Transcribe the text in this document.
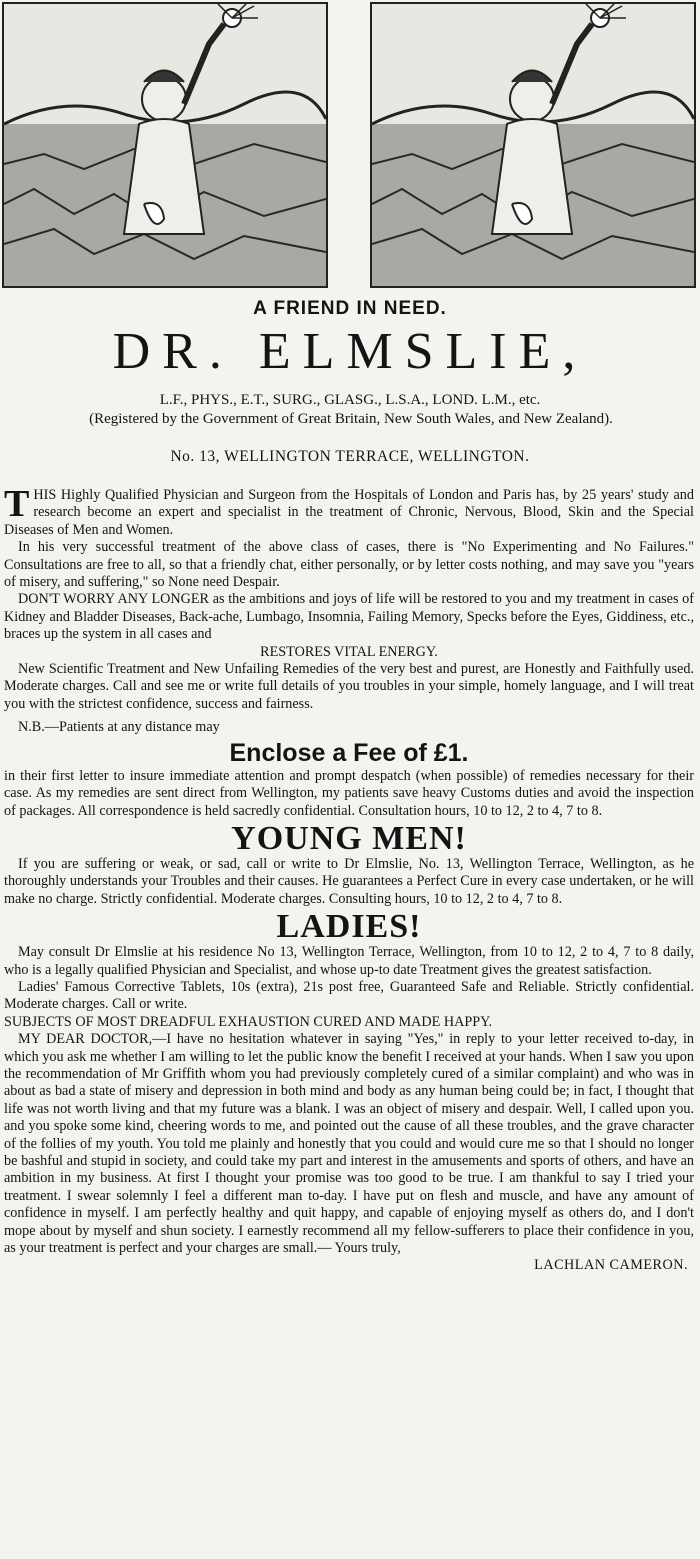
A FRIEND IN NEED.
DR. ELMSLIE,
L.F., PHYS., E.T., SURG., GLASG., L.S.A., LOND. L.M., etc.
(Registered by the Government of Great Britain, New South Wales, and New Zealand).
No. 13, WELLINGTON TERRACE, WELLINGTON.

THIS Highly Qualified Physician and Surgeon from the Hospitals of London and Paris has, by 25 years' study and research become an expert and specialist in the treatment of Chronic, Nervous, Blood, Skin and the Special Diseases of Men and Women.

In his very successful treatment of the above class of cases, there is "No Experimenting and No Failures." Consultations are free to all, so that a friendly chat, either personally, or by letter costs nothing, and may save you "years of misery, and suffering," so None need Despair.

DON'T WORRY ANY LONGER as the ambitions and joys of life will be restored to you and my treatment in cases of Kidney and Bladder Diseases, Back-ache, Lumbago, Insomnia, Failing Memory, Specks before the Eyes, Giddiness, etc., braces up the system in all cases and

RESTORES VITAL ENERGY.

New Scientific Treatment and New Unfailing Remedies of the very best and purest, are Honestly and Faithfully used. Moderate charges. Call and see me or write full details of you troubles in your simple, homely language, and I will treat you with the strictest confidence, success and fairness.

N.B.—Patients at any distance may

Enclose a Fee of £1.

in their first letter to insure immediate attention and prompt despatch (when possible) of remedies necessary for their case. As my remedies are sent direct from Wellington, my patients save heavy Customs duties and avoid the inspection of packages. All correspondence is held sacredly confidential. Consultation hours, 10 to 12, 2 to 4, 7 to 8.

YOUNG MEN!

If you are suffering or weak, or sad, call or write to Dr Elmslie, No. 13, Wellington Terrace, Wellington, as he thoroughly understands your Troubles and their causes. He guarantees a Perfect Cure in every case undertaken, or he will make no charge. Strictly confidential. Moderate charges. Consulting hours, 10 to 12, 2 to 4, 7 to 8.

LADIES!

May consult Dr Elmslie at his residence No 13, Wellington Terrace, Wellington, from 10 to 12, 2 to 4, 7 to 8 daily, who is a legally qualified Physician and Specialist, and whose up-to date Treatment gives the greatest satisfaction.

Ladies' Famous Corrective Tablets, 10s (extra), 21s post free, Guaranteed Safe and Reliable. Strictly confidential. Moderate charges. Call or write.

SUBJECTS OF MOST DREADFUL EXHAUSTION CURED AND MADE HAPPY.

MY DEAR DOCTOR,—I have no hesitation whatever in saying "Yes," in reply to your letter received to-day, in which you ask me whether I am willing to let the public know the benefit I received at your hands. When I saw you upon the recommendation of Mr Griffith whom you had previously completely cured of a similar complaint) and who was in about as bad a state of misery and depression in both mind and body as any human being could be; in fact, I thought that life was not worth living and that my future was a blank. I was an object of misery and despair. Well, I called upon you. and you spoke some kind, cheering words to me, and pointed out the cause of all these troubles, and the grave character of the follies of my youth. You told me plainly and honestly that you could and would cure me so that I should no longer be bashful and stupid in society, and could take my part and interest in the amusements and sports of others, and have an ambition in my business. At first I thought your promise was too good to be true. I am thankful to say I tried your treatment. I swear solemnly I feel a different man to-day. I have put on flesh and muscle, and have any amount of confidence in myself. I am perfectly healthy and quit happy, and capable of enjoying myself as others do, and I don't mope about by myself and shun society. I earnestly recommend all my fellow-sufferers to place their confidence in you, as your treatment is perfect and your charges are small.— Yours truly,

LACHLAN CAMERON.
